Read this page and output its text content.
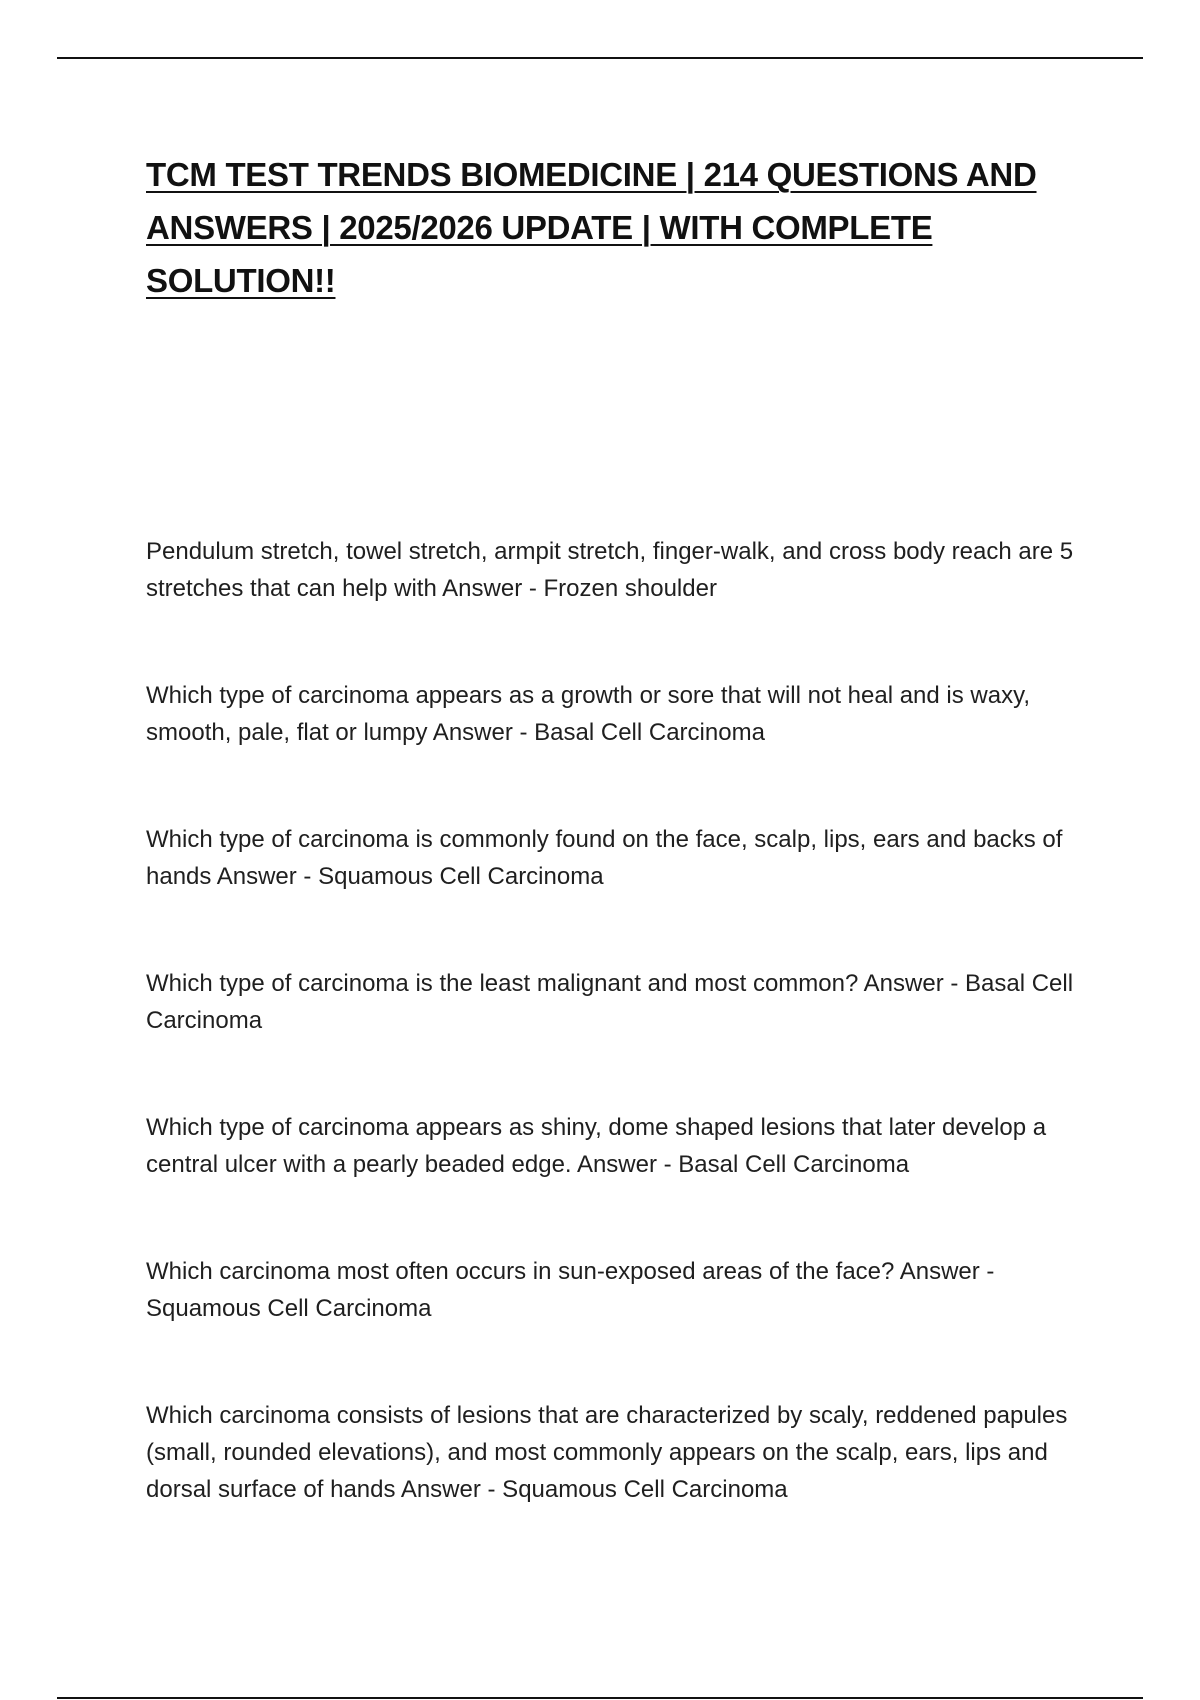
TCM TEST TRENDS BIOMEDICINE | 214 QUESTIONS AND ANSWERS | 2025/2026 UPDATE | WITH COMPLETE SOLUTION!!
Pendulum stretch, towel stretch, armpit stretch, finger-walk, and cross body reach are 5 stretches that can help with Answer - Frozen shoulder
Which type of carcinoma appears as a growth or sore that will not heal and is waxy, smooth, pale, flat or lumpy Answer - Basal Cell Carcinoma
Which type of carcinoma is commonly found on the face, scalp, lips, ears and backs of hands Answer - Squamous Cell Carcinoma
Which type of carcinoma is the least malignant and most common? Answer - Basal Cell Carcinoma
Which type of carcinoma appears as shiny, dome shaped lesions that later develop a central ulcer with a pearly beaded edge. Answer - Basal Cell Carcinoma
Which carcinoma most often occurs in sun-exposed areas of the face? Answer - Squamous Cell Carcinoma
Which carcinoma consists of lesions that are characterized by scaly, reddened papules (small, rounded elevations), and most commonly appears on the scalp, ears, lips and dorsal surface of hands Answer - Squamous Cell Carcinoma
